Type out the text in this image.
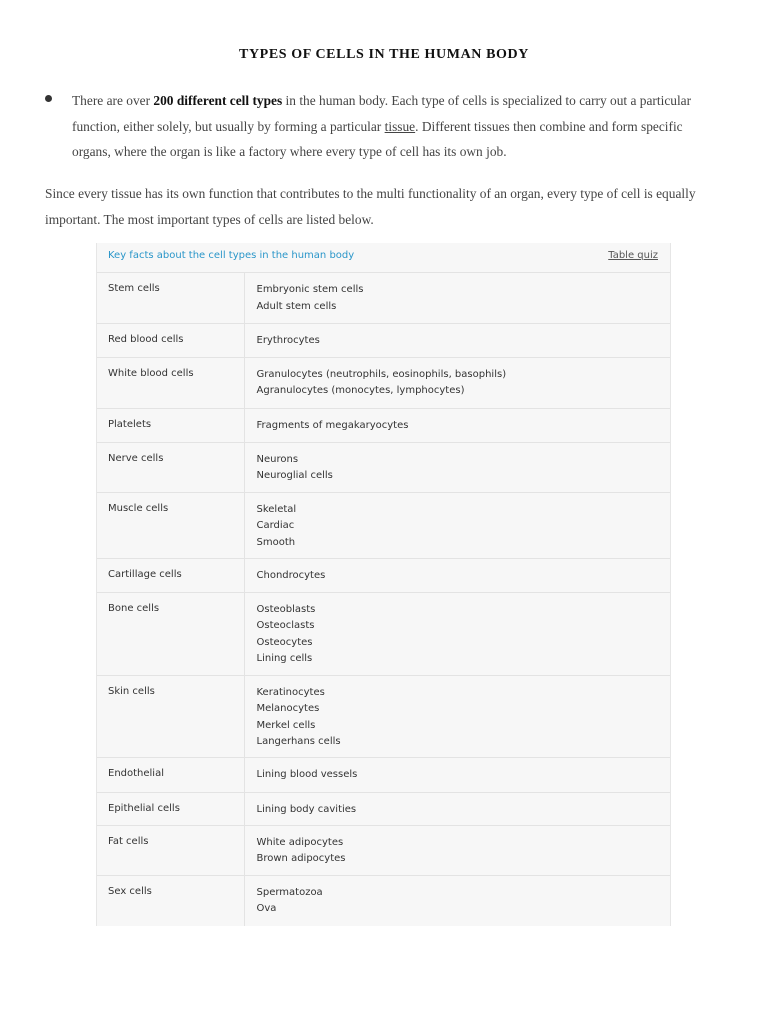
TYPES OF CELLS IN THE HUMAN BODY
There are over 200 different cell types in the human body. Each type of cells is specialized to carry out a particular function, either solely, but usually by forming a particular tissue. Different tissues then combine and form specific organs, where the organ is like a factory where every type of cell has its own job.
Since every tissue has its own function that contributes to the multi functionality of an organ, every type of cell is equally important. The most important types of cells are listed below.
Key facts about the cell types in the human body	Table quiz
Stem cells	Embryonic stem cells
Adult stem cells

Red blood cells	Erythrocytes

White blood cells	Granulocytes (neutrophils, eosinophils, basophils)
Agranulocytes (monocytes, lymphocytes)

Platelets	Fragments of megakaryocytes

Nerve cells	Neurons
Neuroglial cells

Muscle cells	Skeletal
Cardiac
Smooth

Cartillage cells	Chondrocytes

Bone cells	Osteoblasts
Osteoclasts
Osteocytes
Lining cells

Skin cells	Keratinocytes
Melanocytes
Merkel cells
Langerhans cells

Endothelial	Lining blood vessels

Epithelial cells	Lining body cavities

Fat cells	White adipocytes
Brown adipocytes

Sex cells	Spermatozoa
Ova
